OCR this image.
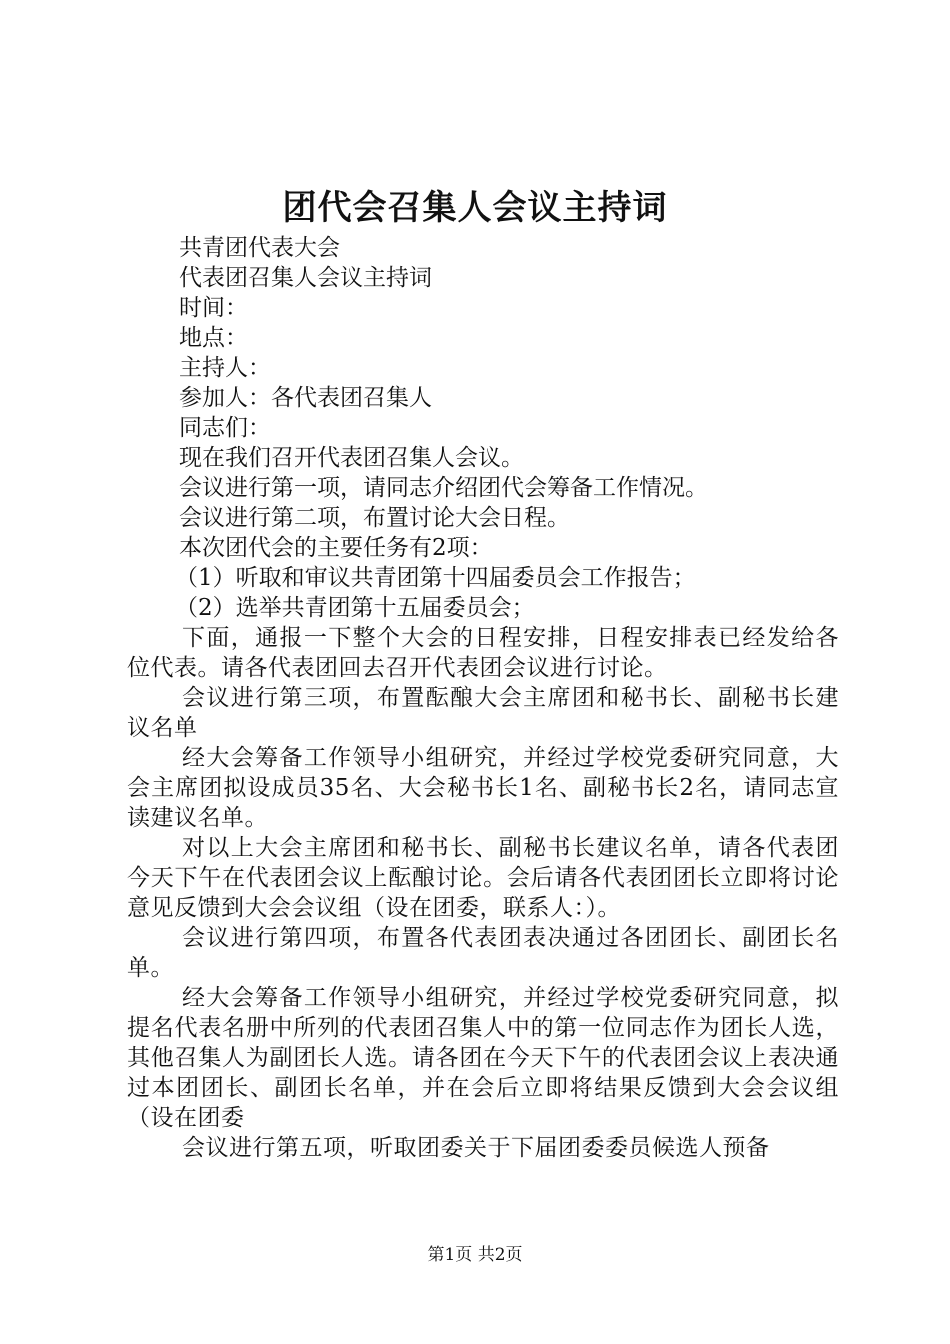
团代会召集人会议主持词

共青团代表大会

代表团召集人会议主持词

时间：

地点：

主持人：

参加人：各代表团召集人

同志们：

现在我们召开代表团召集人会议。

会议进行第一项，请同志介绍团代会筹备工作情况。

会议进行第二项，布置讨论大会日程。

本次团代会的主要任务有2项：

（1）听取和审议共青团第十四届委员会工作报告；

（2）选举共青团第十五届委员会；

下面，通报一下整个大会的日程安排，日程安排表已经发给各位代表。请各代表团回去召开代表团会议进行讨论。

会议进行第三项，布置酝酿大会主席团和秘书长、副秘书长建议名单

经大会筹备工作领导小组研究，并经过学校党委研究同意，大会主席团拟设成员35名、大会秘书长1名、副秘书长2名，请同志宣读建议名单。

对以上大会主席团和秘书长、副秘书长建议名单，请各代表团今天下午在代表团会议上酝酿讨论。会后请各代表团团长立即将讨论意见反馈到大会会议组（设在团委，联系人：）。

会议进行第四项，布置各代表团表决通过各团团长、副团长名单。

经大会筹备工作领导小组研究，并经过学校党委研究同意，拟提名代表名册中所列的代表团召集人中的第一位同志作为团长人选，其他召集人为副团长人选。请各团在今天下午的代表团会议上表决通过本团团长、副团长名单，并在会后立即将结果反馈到大会会议组（设在团委

会议进行第五项，听取团委关于下届团委委员候选人预备

第1页 共2页
